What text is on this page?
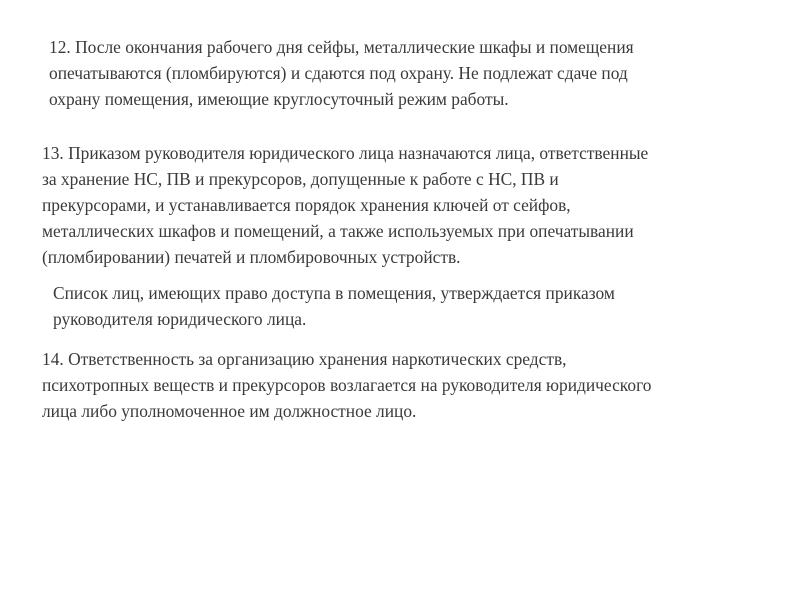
12. После окончания рабочего дня сейфы, металлические шкафы и помещения
опечатываются (пломбируются) и сдаются под охрану. Не подлежат сдаче под
охрану помещения, имеющие круглосуточный режим работы.

13. Приказом руководителя юридического лица назначаются лица, ответственные
за хранение НС, ПВ и прекурсоров, допущенные к работе с НС, ПВ и
прекурсорами, и устанавливается порядок хранения ключей от сейфов,
металлических шкафов и помещений, а также используемых при опечатывании
(пломбировании) печатей и пломбировочных устройств.

Список лиц, имеющих право доступа в помещения, утверждается приказом
руководителя юридического лица.

14. Ответственность за организацию хранения наркотических средств,
психотропных веществ и прекурсоров возлагается на руководителя юридического
лица либо уполномоченное им должностное лицо.
